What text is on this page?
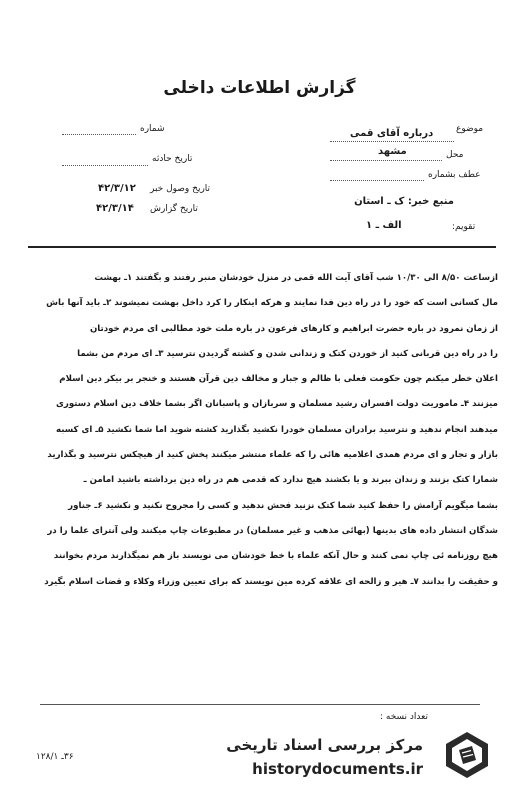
گزارش اطلاعات داخلی
شماره
تاریخ حادثه
تاریخ وصول خبر
۴۲/۳/۱۲
تاریخ گزارش
۴۲/۳/۱۴
موضوع
درباره آقای قمی
محل
مشهد
عطف بشماره
منبع خبر: ک ـ استان
تقویم:
الف ـ ۱
ازساعت ۸/۵۰ الی ۱۰/۳۰ شب آقای آیت الله قمی در منزل خودشان منبر رفتند و بگفتند ۱ـ بهشت
مال کسانی است که خود را در راه دین فدا نمایند و هرکه اینکار را کرد داخل بهشت نمیشوند ۲ـ باید آنها باش
از زمان نمرود در باره حضرت ابراهیم و کارهای فرعون در باره ملت خود مطالبی ای مردم خودتان
را در راه دین قربانی کنید از خوردن کتک و زندانی شدن و کشته گردیدن نترسید ۳ـ ای مردم من بشما
اعلان خطر میکنم چون حکومت فعلی با ظالم و جبار و مخالف دین قرآن هستند و خنجر بر بیکر دین اسلام
میزنند ۴ـ ماموریت دولت افسران رشید مسلمان و سربازان و پاسبانان اگر بشما خلاف دین اسلام دستوری
میدهند انجام ندهید و نترسید برادران مسلمان خودرا نکشید بگذارید کشته شوید اما شما نکشید ۵ـ ای کسبه
بازار و تجار و ای مردم همدی اعلامیه هائی را که علماء منتشر میکنند پخش کنید از هیچکس نترسید و بگذارید
شمارا کتک بزنند و زندان ببرند و یا بکشند هیچ ندارد که قدمی هم در راه دین برداشته باشید امامن ـ
بشما میگویم آرامش را حفظ کنید شما کتک نزنید فحش ندهید و کسی را مجروح نکنید و نکشید ۶ـ جناور
شدگان انتشار داده های بدینها (بهائی مذهب و غیر مسلمان) در مطبوعات چاپ میکنند ولی آنترای علما را در
هیچ روزنامه ئی چاپ نمی کنند و حال آنکه علماء با خط خودشان می نویسند باز هم نمیگذارند مردم بخوانند
و حقیقت را بدانند ۷ـ هیر و زالحه ای علاقه کرده مین نویسند که برای تعیین وزراء وکلاء و قضات اسلام بگیرد
تعداد نسخه :
۳۶ـ ۱۲۸/۱
مرکز بررسی اسناد تاریخی
historydocuments.ir
